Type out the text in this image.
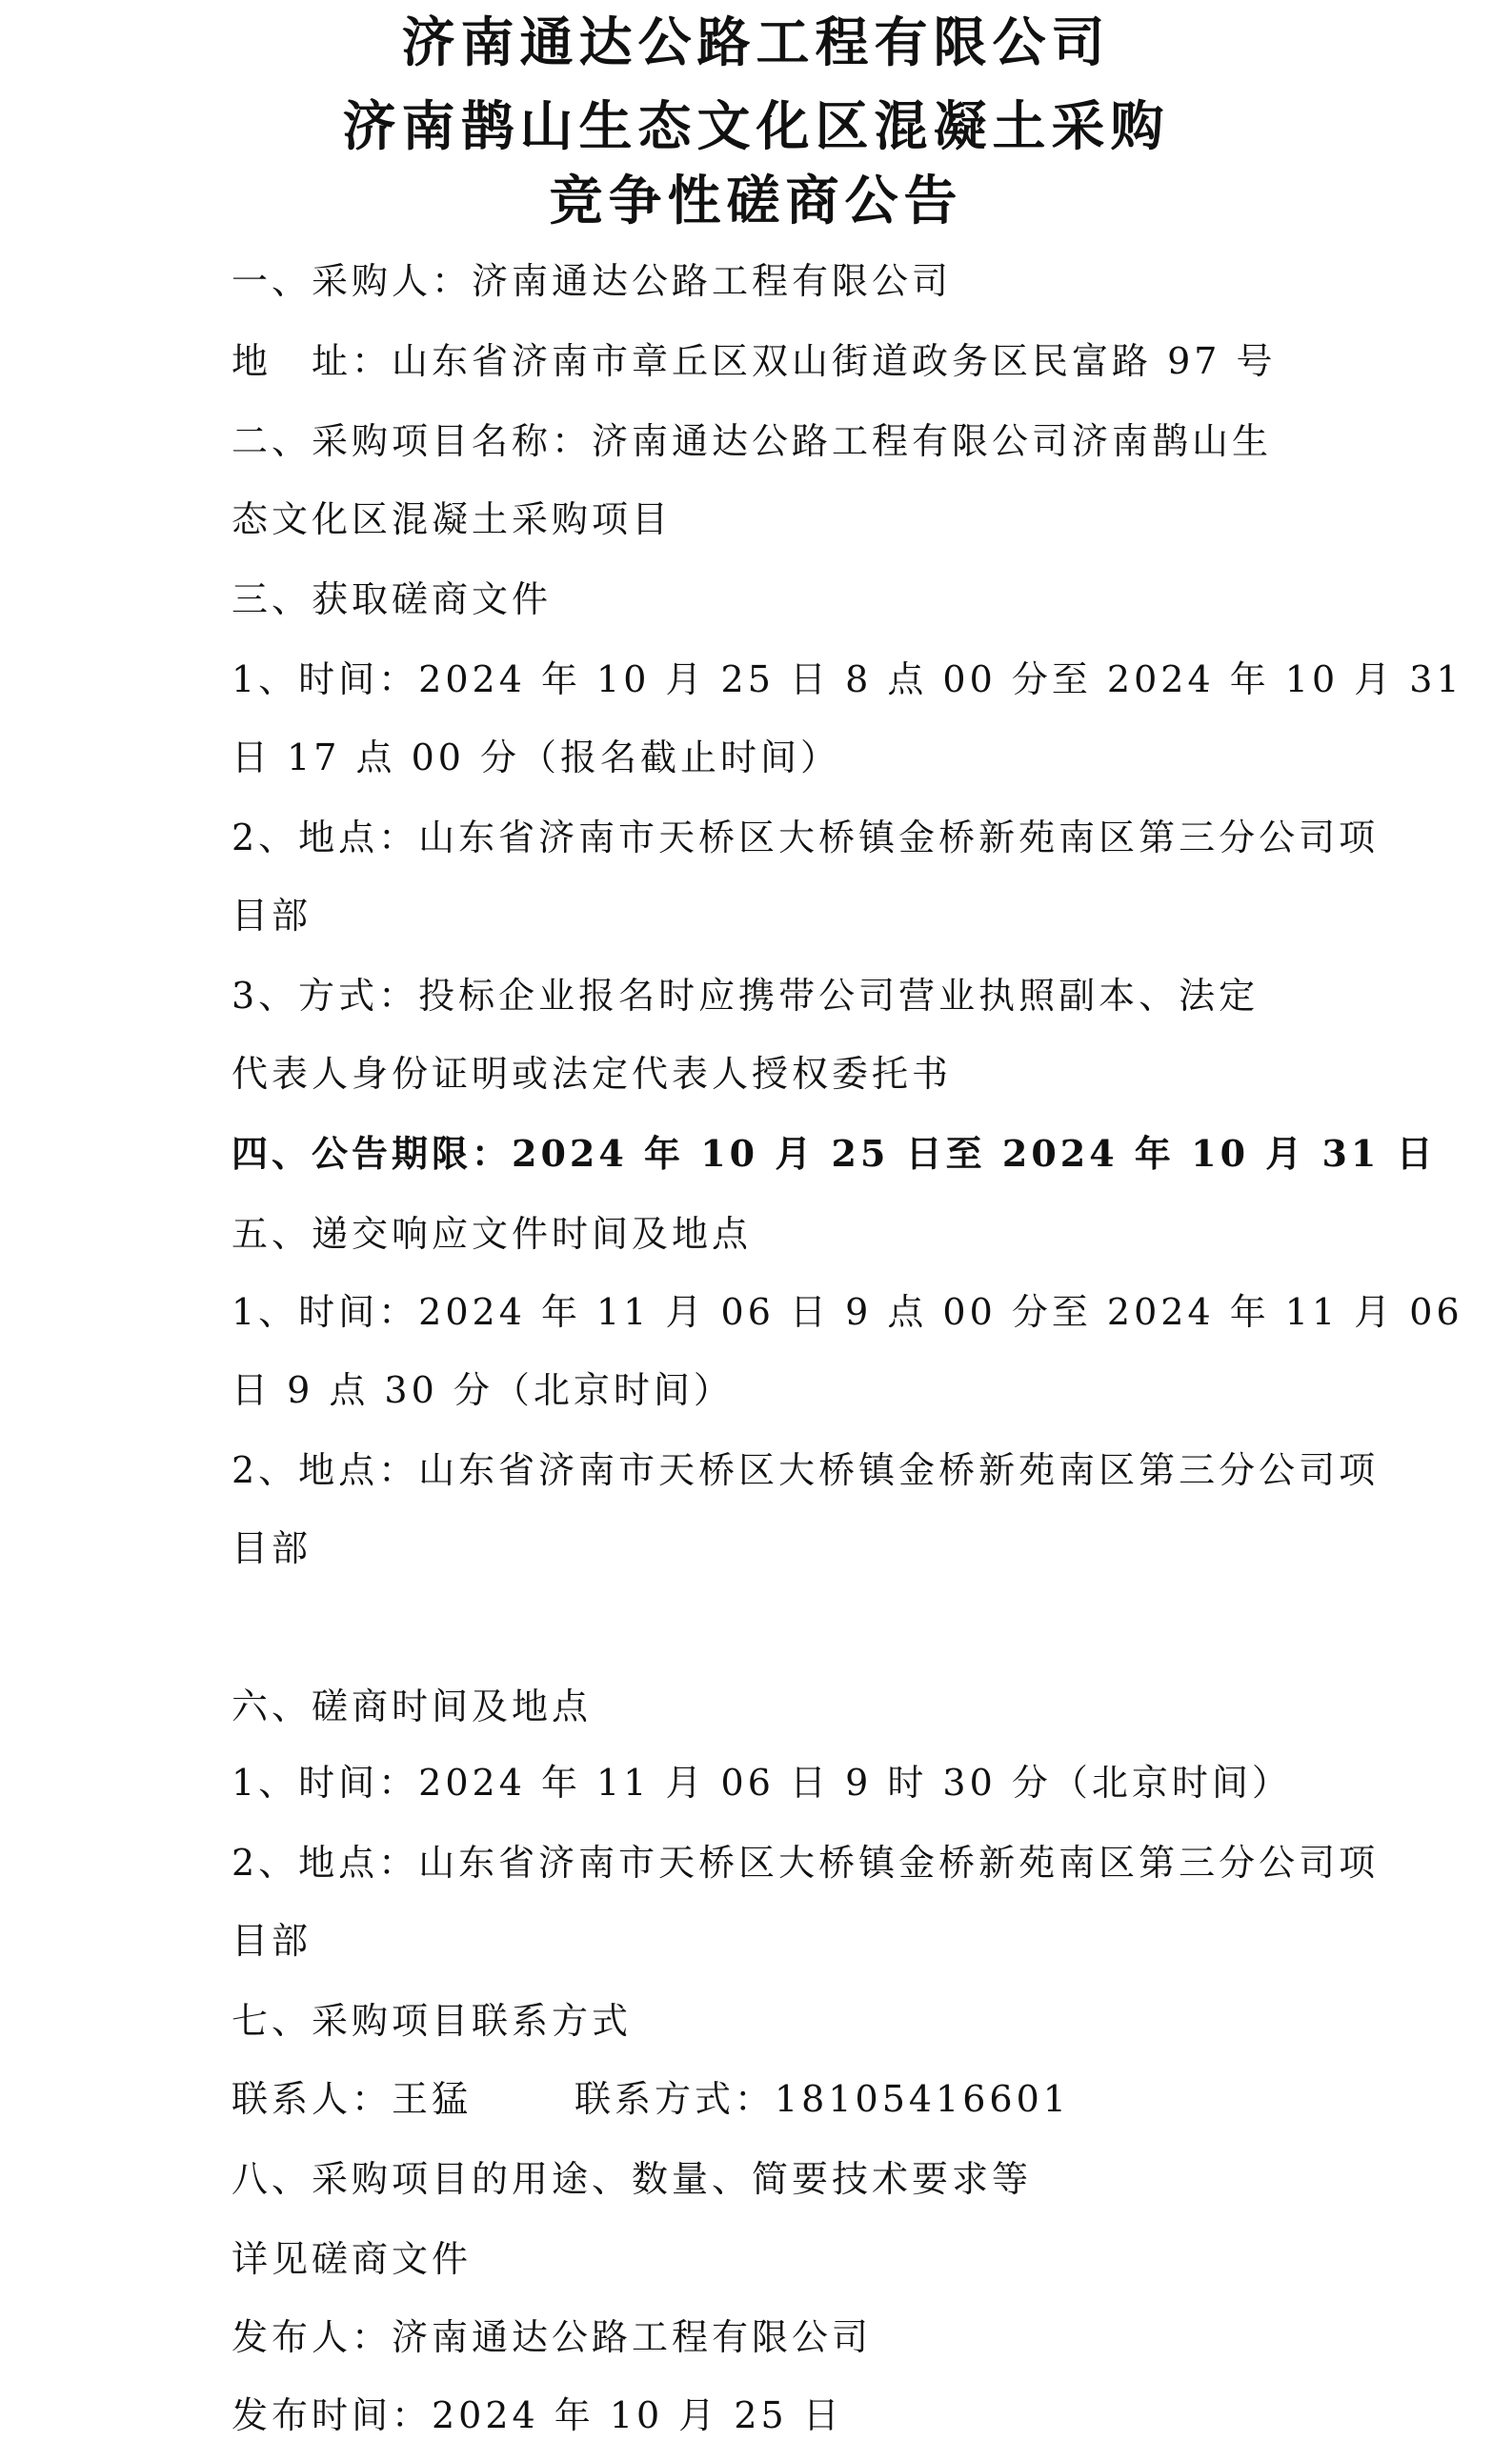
济南通达公路工程有限公司
济南鹊山生态文化区混凝土采购
竞争性磋商公告
一、采购人：济南通达公路工程有限公司
地　址：山东省济南市章丘区双山街道政务区民富路 97 号
二、采购项目名称：济南通达公路工程有限公司济南鹊山生
态文化区混凝土采购项目
三、获取磋商文件
1、时间：2024 年 10 月 25 日 8 点 00 分至 2024 年 10 月 31
日 17 点 00 分（报名截止时间）
2、地点：山东省济南市天桥区大桥镇金桥新苑南区第三分公司项
目部
3、方式：投标企业报名时应携带公司营业执照副本、法定
代表人身份证明或法定代表人授权委托书
四、公告期限：2024 年 10 月 25 日至 2024 年 10 月 31 日
五、递交响应文件时间及地点
1、时间：2024 年 11 月 06 日 9 点 00 分至 2024 年 11 月 06
日 9 点 30 分（北京时间）
2、地点：山东省济南市天桥区大桥镇金桥新苑南区第三分公司项
目部
六、磋商时间及地点
1、时间：2024 年 11 月 06 日 9 时 30 分（北京时间）
2、地点：山东省济南市天桥区大桥镇金桥新苑南区第三分公司项
目部
七、采购项目联系方式
联系人：王猛	联系方式：18105416601
八、采购项目的用途、数量、简要技术要求等
详见磋商文件
发布人：济南通达公路工程有限公司
发布时间：2024 年 10 月 25 日
